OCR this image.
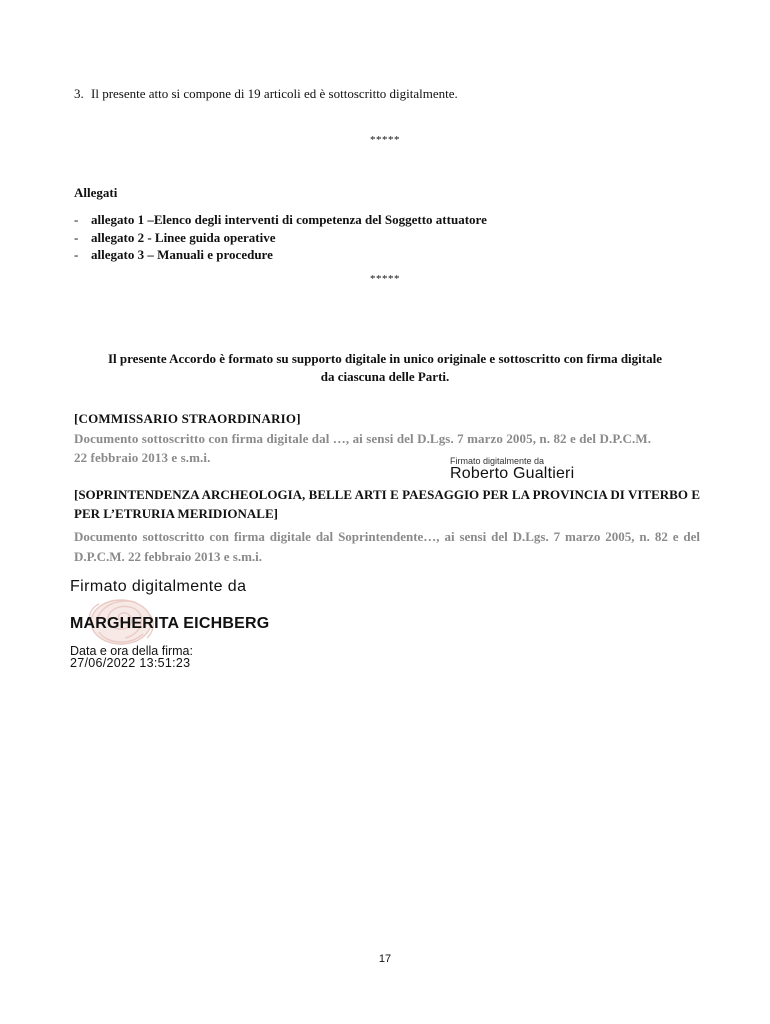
3. Il presente atto si compone di 19 articoli ed è sottoscritto digitalmente.
*****
Allegati
- allegato 1 –Elenco degli interventi di competenza del Soggetto attuatore
- allegato 2 - Linee guida operative
- allegato 3 – Manuali e procedure
*****
Il presente Accordo è formato su supporto digitale in unico originale e sottoscritto con firma digitale
da ciascuna delle Parti.
[COMMISSARIO STRAORDINARIO]
Documento sottoscritto con firma digitale dal …, ai sensi del D.Lgs. 7 marzo 2005, n. 82 e del D.P.C.M.
22 febbraio 2013 e s.m.i.	Firmato digitalmente da
Roberto Gualtieri
[SOPRINTENDENZA ARCHEOLOGIA, BELLE ARTI E PAESAGGIO PER LA PROVINCIA DI VITERBO E PER L’ETRURIA MERIDIONALE]
Documento sottoscritto con firma digitale dal Soprintendente…, ai sensi del D.Lgs. 7 marzo 2005, n. 82 e del D.P.C.M. 22 febbraio 2013 e s.m.i.
Firmato digitalmente da
MARGHERITA EICHBERG
Data e ora della firma:
27/06/2022 13:51:23
17
